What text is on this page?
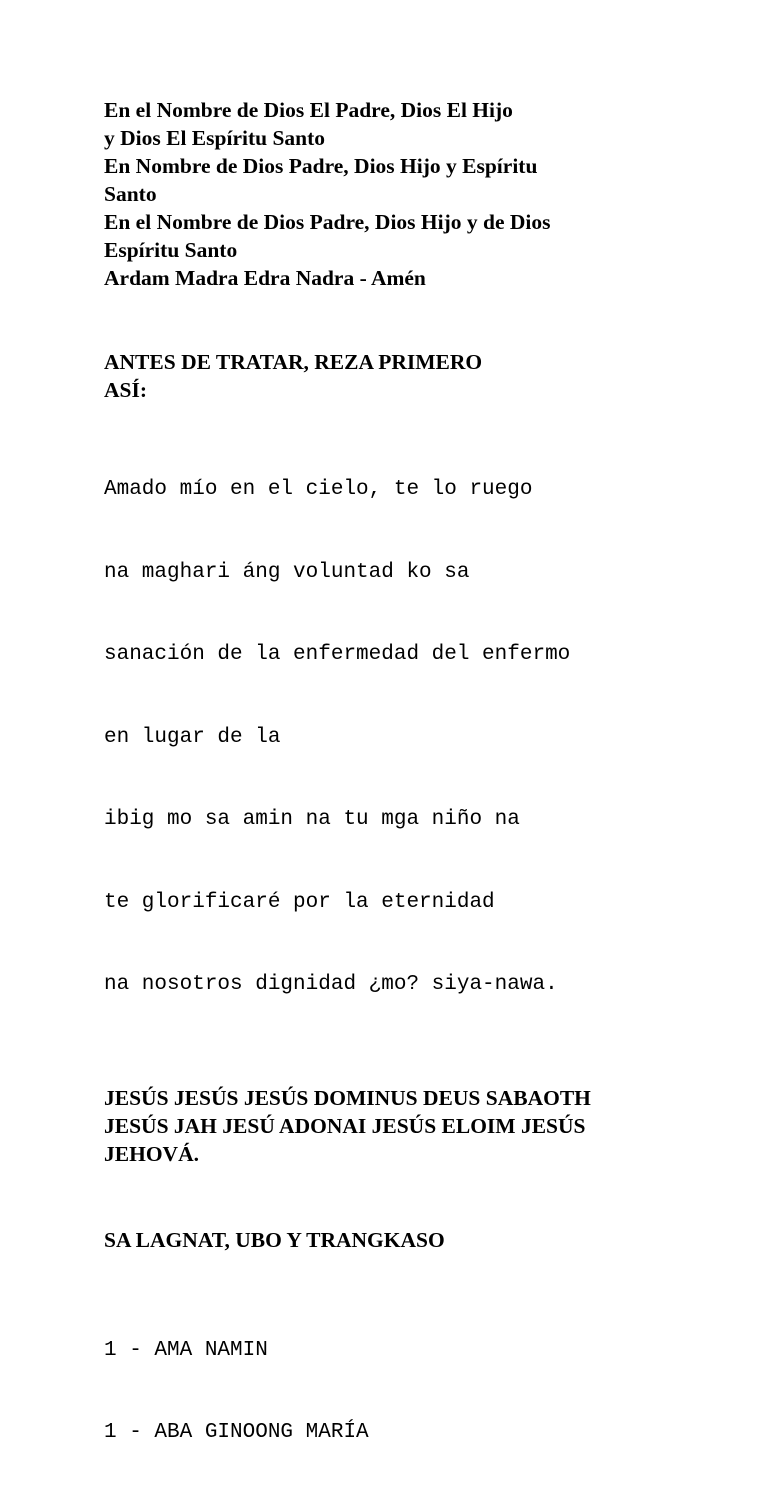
En el Nombre de Dios El Padre, Dios El Hijo
y Dios El Espíritu Santo
En Nombre de Dios Padre, Dios Hijo y Espíritu
Santo
En el Nombre de Dios Padre, Dios Hijo y de Dios
Espíritu Santo
Ardam Madra Edra Nadra - Amén
ANTES DE TRATAR, REZA PRIMERO
ASÍ:

Amado mío en el cielo, te lo ruego

na maghari áng voluntad ko sa

sanación de la enfermedad del enfermo

en lugar de la

ibig mo sa amin na tu mga niño na

te glorificaré por la eternidad

na nosotros dignidad ¿mo? siya-nawa.

JESÚS JESÚS JESÚS DOMINUS DEUS SABAOTH
JESÚS JAH JESÚ ADONAI JESÚS ELOIM JESÚS
JEHOVÁ.
SA LAGNAT, UBO Y TRANGKASO

1 - AMA NAMIN

1 - ABA GINOONG MARÍA
